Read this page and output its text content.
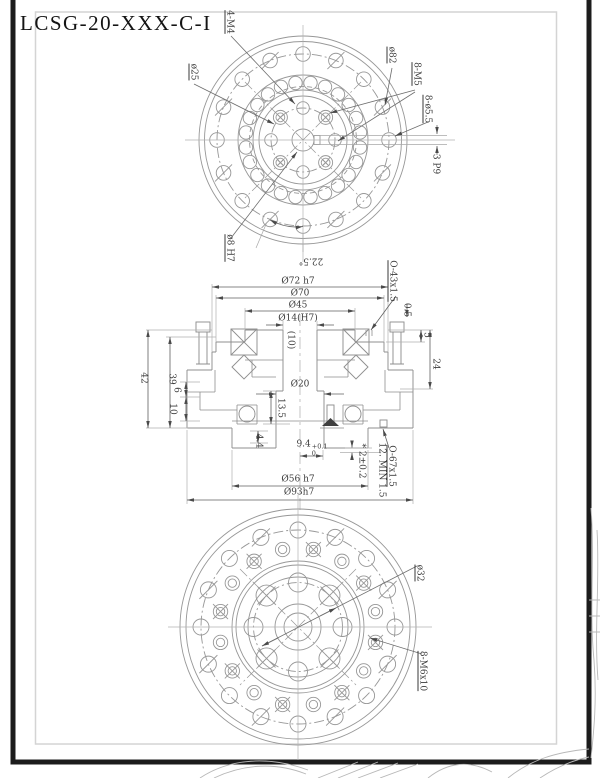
LCSG-20-XXX-C-I 4-M4
ø25
ø82
8-M5
8-ø5.5
3 P9
ø8 H7	22.5°
Ø72 h7
Ø70
Ø45
Ø14(H7)
(10)
O-43x1.5
0.5
5
24
42 39
6
10
Ø20
13.5
4.4	9.4 +0.1
0	* 2±0.2
Ø56 h7
Ø93h7	12. MIN 1.5 O-67x1.5
ø32
8-M6x10
